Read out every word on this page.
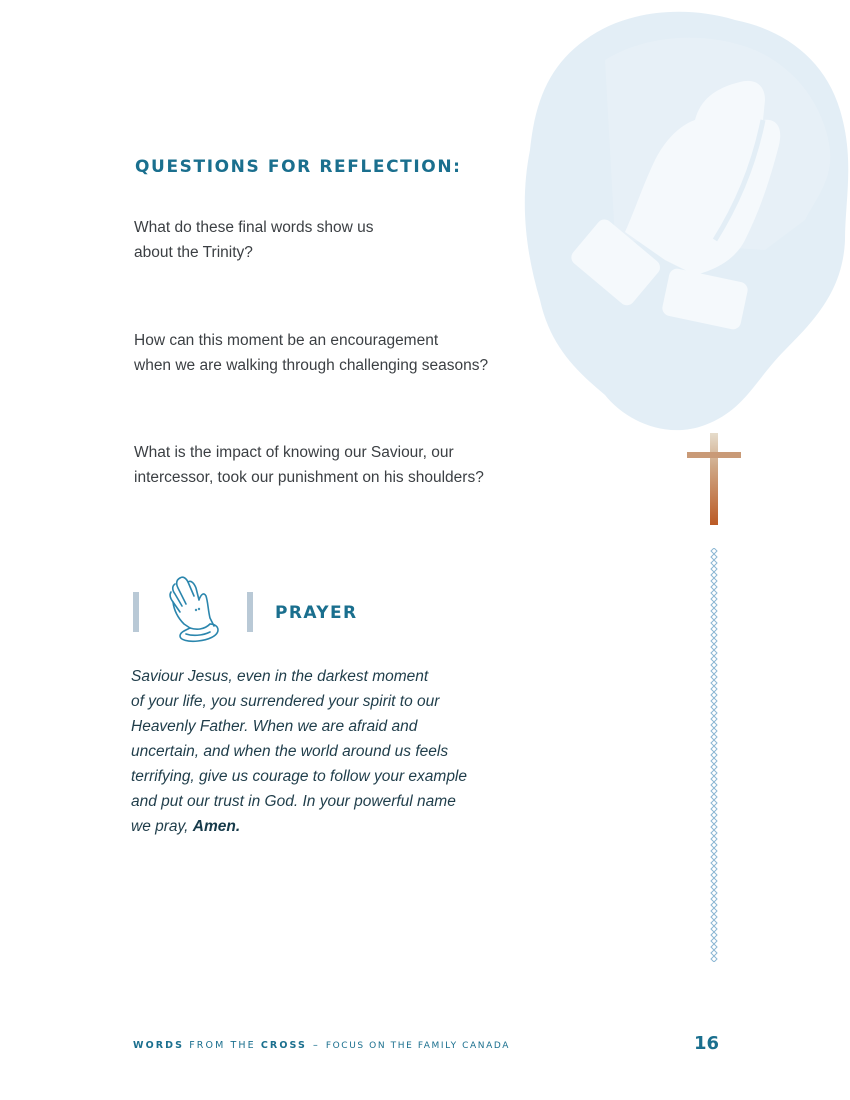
QUESTIONS FOR REFLECTION:
What do these final words show us
about the Trinity?
How can this moment be an encouragement
when we are walking through challenging seasons?
What is the impact of knowing our Saviour, our
intercessor, took our punishment on his shoulders?
PRAYER
Saviour Jesus, even in the darkest moment
of your life, you surrendered your spirit to our
Heavenly Father. When we are afraid and
uncertain, and when the world around us feels
terrifying, give us courage to follow your example
and put our trust in God. In your powerful name
we pray, Amen.
WORDS FROM THE CROSS – FOCUS ON THE FAMILY CANADA	16
